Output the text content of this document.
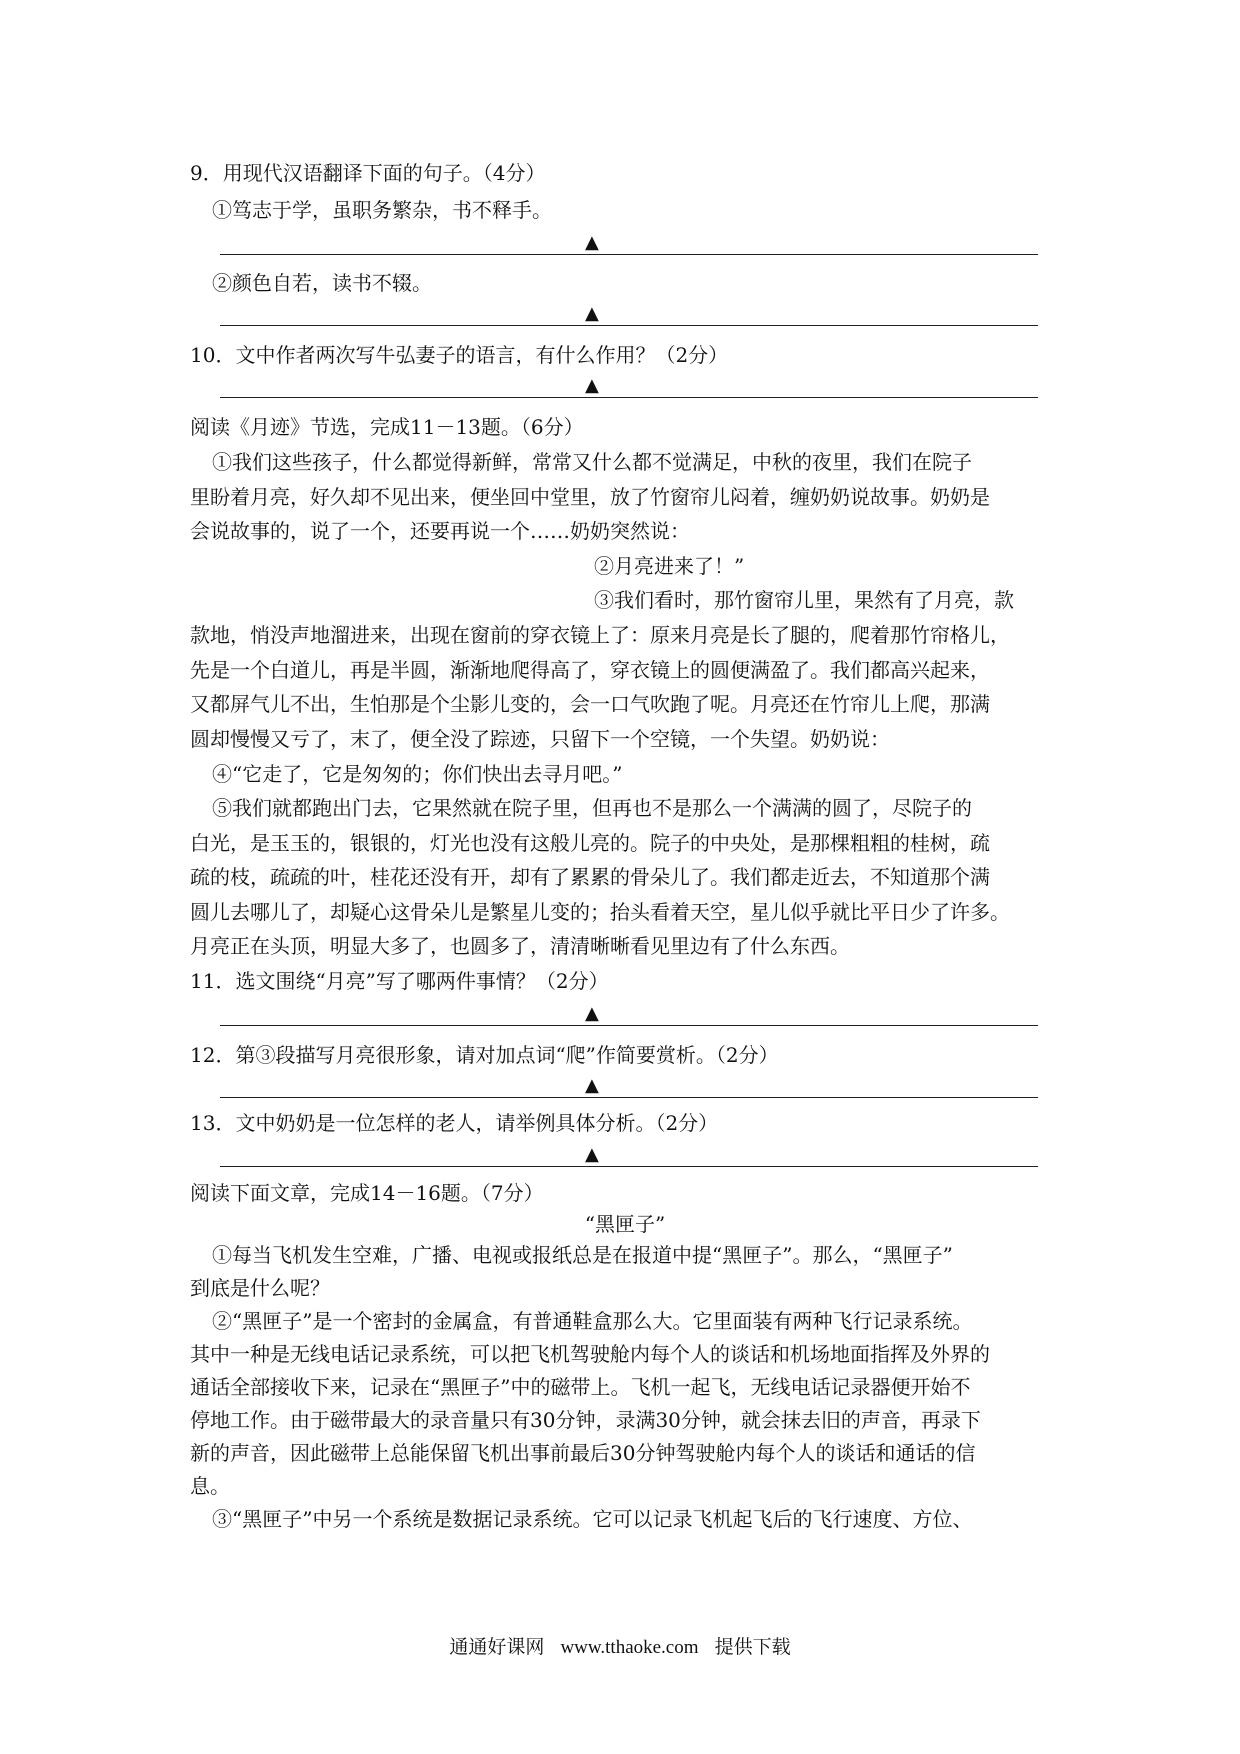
9．用现代汉语翻译下面的句子。（4分）
①笃志于学，虽职务繁杂，书不释手。
▲
②颜色自若，读书不辍。
▲
10．文中作者两次写牛弘妻子的语言，有什么作用？（2分）
▲
阅读《月迹》节选，完成11－13题。（6分）
①我们这些孩子，什么都觉得新鲜，常常又什么都不觉满足，中秋的夜里，我们在院子
里盼着月亮，好久却不见出来，便坐回中堂里，放了竹窗帘儿闷着，缠奶奶说故事。奶奶是
会说故事的，说了一个，还要再说一个……奶奶突然说：
②月亮进来了！”
③我们看时，那竹窗帘儿里，果然有了月亮，款
款地，悄没声地溜进来，出现在窗前的穿衣镜上了：原来月亮是长了腿的，爬着那竹帘格儿，
先是一个白道儿，再是半圆，渐渐地爬得高了，穿衣镜上的圆便满盈了。我们都高兴起来，
又都屏气儿不出，生怕那是个尘影儿变的，会一口气吹跑了呢。月亮还在竹帘儿上爬，那满
圆却慢慢又亏了，末了，便全没了踪迹，只留下一个空镜，一个失望。奶奶说：
④“它走了，它是匆匆的；你们快出去寻月吧。”
⑤我们就都跑出门去，它果然就在院子里，但再也不是那么一个满满的圆了，尽院子的
白光，是玉玉的，银银的，灯光也没有这般儿亮的。院子的中央处，是那棵粗粗的桂树，疏
疏的枝，疏疏的叶，桂花还没有开，却有了累累的骨朵儿了。我们都走近去，不知道那个满
圆儿去哪儿了，却疑心这骨朵儿是繁星儿变的；抬头看着天空，星儿似乎就比平日少了许多。
月亮正在头顶，明显大多了，也圆多了，清清晰晰看见里边有了什么东西。
11．选文围绕“月亮”写了哪两件事情？（2分）
▲
12．第③段描写月亮很形象，请对加点词“爬”作简要赏析。（2分）
▲
13．文中奶奶是一位怎样的老人，请举例具体分析。（2分）
▲
阅读下面文章，完成14－16题。（7分）
“黑匣子”
①每当飞机发生空难，广播、电视或报纸总是在报道中提“黑匣子”。那么，“黑匣子”
到底是什么呢？
②“黑匣子”是一个密封的金属盒，有普通鞋盒那么大。它里面装有两种飞行记录系统。
其中一种是无线电话记录系统，可以把飞机驾驶舱内每个人的谈话和机场地面指挥及外界的
通话全部接收下来，记录在“黑匣子”中的磁带上。飞机一起飞，无线电话记录器便开始不
停地工作。由于磁带最大的录音量只有30分钟，录满30分钟，就会抹去旧的声音，再录下
新的声音，因此磁带上总能保留飞机出事前最后30分钟驾驶舱内每个人的谈话和通话的信
息。
③“黑匣子”中另一个系统是数据记录系统。它可以记录飞机起飞后的飞行速度、方位、
通通好课网 www.tthaoke.com 提供下载
